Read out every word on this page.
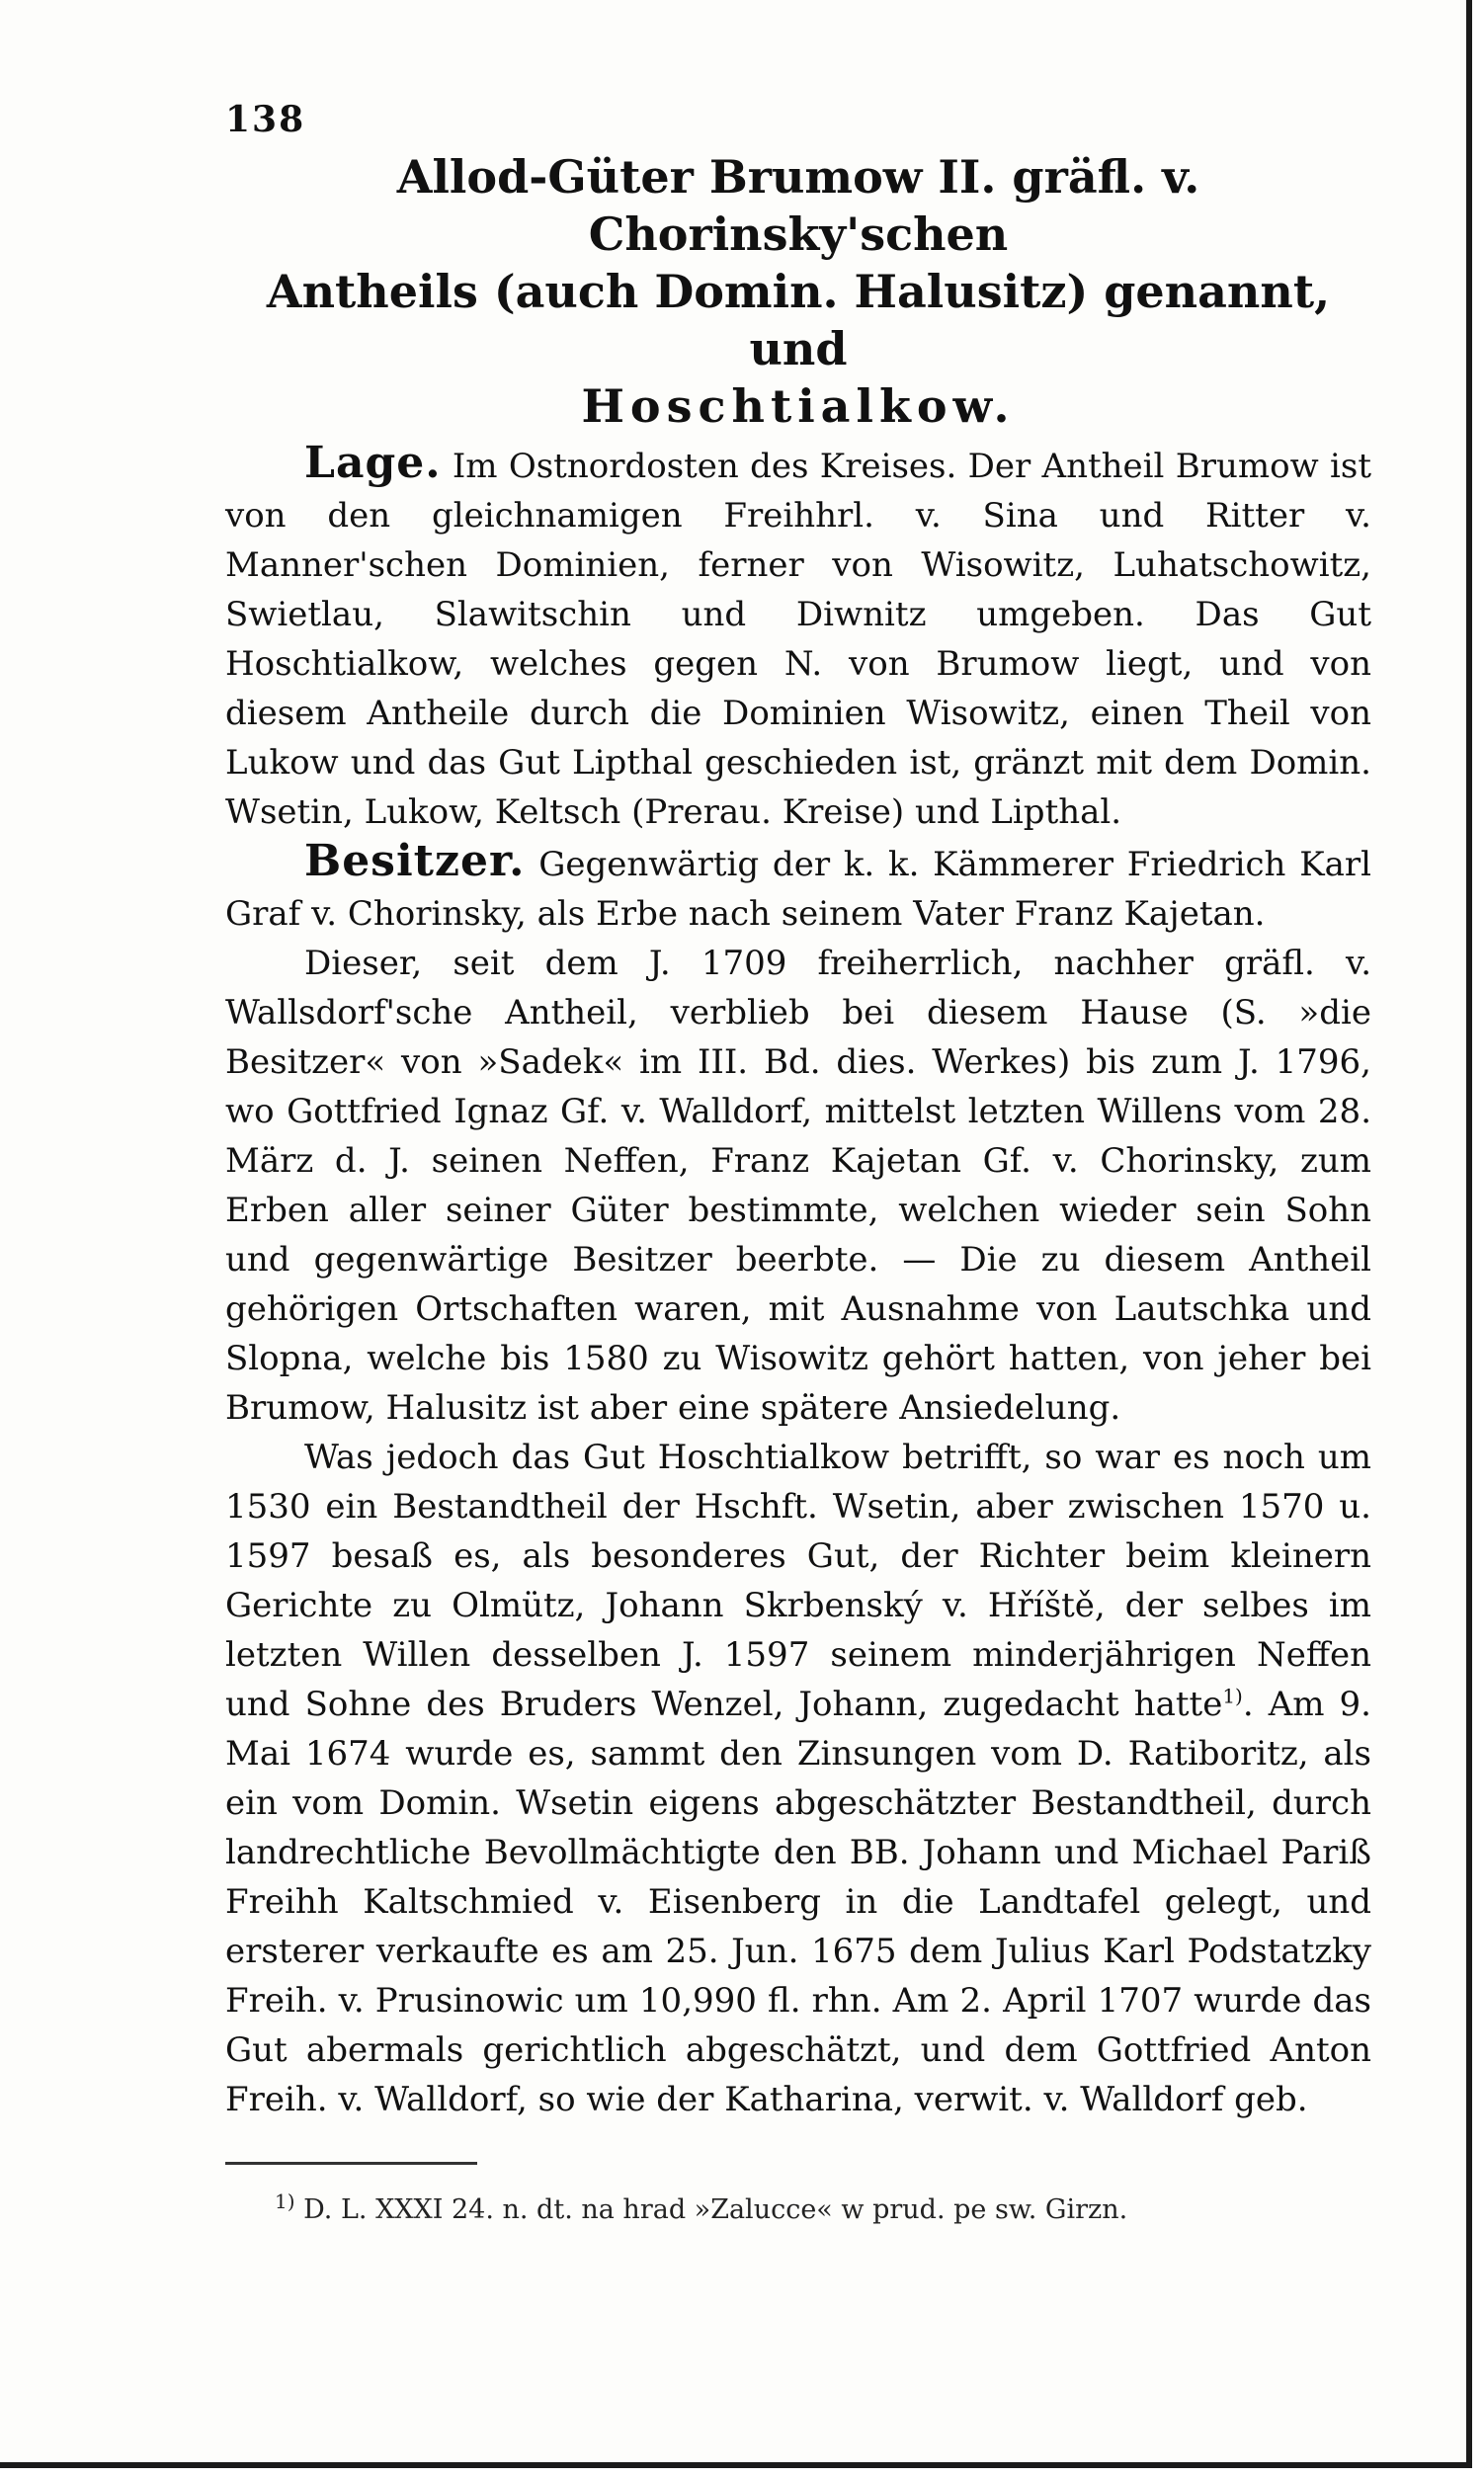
138
Allod-Güter Brumow II. gräfl. v. Chorinsky'schen
Antheils (auch Domin. Halusitz) genannt, und
Hoschtialkow.

Lage. Im Ostnordosten des Kreises. Der Antheil Brumow ist von den gleichnamigen Freihhrl. v. Sina und Ritter v. Manner'schen Dominien, ferner von Wisowitz, Luhatschowitz, Swietlau, Slawitschin und Diwnitz umgeben. Das Gut Hoschtialkow, welches gegen N. von Brumow liegt, und von diesem Antheile durch die Dominien Wisowitz, einen Theil von Lukow und das Gut Lipthal geschieden ist, gränzt mit dem Domin. Wsetin, Lukow, Keltsch (Prerau. Kreise) und Lipthal.

Besitzer. Gegenwärtig der k. k. Kämmerer Friedrich Karl Graf v. Chorinsky, als Erbe nach seinem Vater Franz Kajetan.

Dieser, seit dem J. 1709 freiherrlich, nachher gräfl. v. Wallsdorf'sche Antheil, verblieb bei diesem Hause (S. »die Besitzer« von »Sadek« im III. Bd. dies. Werkes) bis zum J. 1796, wo Gottfried Ignaz Gf. v. Walldorf, mittelst letzten Willens vom 28. März d. J. seinen Neffen, Franz Kajetan Gf. v. Chorinsky, zum Erben aller seiner Güter bestimmte, welchen wieder sein Sohn und gegenwärtige Besitzer beerbte. — Die zu diesem Antheil gehörigen Ortschaften waren, mit Ausnahme von Lautschka und Slopna, welche bis 1580 zu Wisowitz gehört hatten, von jeher bei Brumow, Halusitz ist aber eine spätere Ansiedelung.

Was jedoch das Gut Hoschtialkow betrifft, so war es noch um 1530 ein Bestandtheil der Hschft. Wsetin, aber zwischen 1570 u. 1597 besaß es, als besonderes Gut, der Richter beim kleinern Gerichte zu Olmütz, Johann Skrbenský v. Hříště, der selbes im letzten Willen desselben J. 1597 seinem minderjährigen Neffen und Sohne des Bruders Wenzel, Johann, zugedacht hatte$^{1)}$. Am 9. Mai 1674 wurde es, sammt den Zinsungen vom D. Ratiboritz, als ein vom Domin. Wsetin eigens abgeschätzter Bestandtheil, durch landrechtliche Bevollmächtigte den BB. Johann und Michael Pariß Freihh Kaltschmied v. Eisenberg in die Landtafel gelegt, und ersterer verkaufte es am 25. Jun. 1675 dem Julius Karl Podstatzky Freih. v. Prusinowic um 10,990 fl. rhn. Am 2. April 1707 wurde das Gut abermals gerichtlich abgeschätzt, und dem Gottfried Anton Freih. v. Walldorf, so wie der Katharina, verwit. v. Walldorf geb.

$^{1)}$ D. L. XXXI 24. n. dt. na hrad »Zalucce« w prud. pe sw. Girzn.
